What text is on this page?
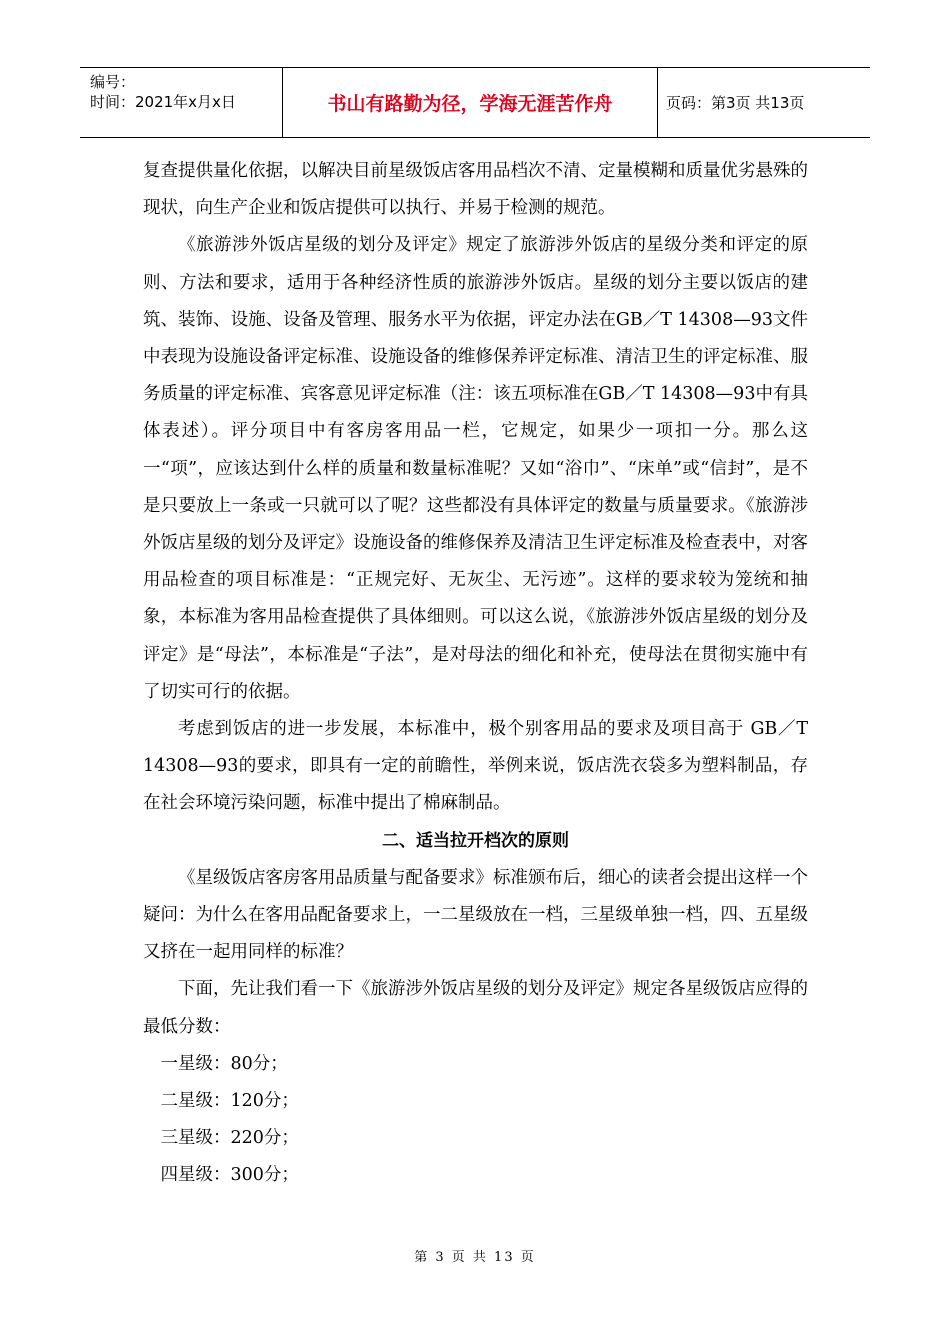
编号：
时间：2021年x月x日	书山有路勤为径，学海无涯苦作舟	页码：第3页 共13页

复查提供量化依据，以解决目前星级饭店客用品档次不清、定量模糊和质量优劣悬殊的现状，向生产企业和饭店提供可以执行、并易于检测的规范。

《旅游涉外饭店星级的划分及评定》规定了旅游涉外饭店的星级分类和评定的原则、方法和要求，适用于各种经济性质的旅游涉外饭店。星级的划分主要以饭店的建筑、装饰、设施、设备及管理、服务水平为依据，评定办法在GB／T 14308—93文件中表现为设施设备评定标准、设施设备的维修保养评定标准、清洁卫生的评定标准、服务质量的评定标准、宾客意见评定标准（注：该五项标准在GB／T 14308—93中有具体表述）。评分项目中有客房客用品一栏，它规定，如果少一项扣一分。那么这一“项”，应该达到什么样的质量和数量标准呢？又如“浴巾”、“床单”或“信封”，是不是只要放上一条或一只就可以了呢？这些都没有具体评定的数量与质量要求。《旅游涉外饭店星级的划分及评定》设施设备的维修保养及清洁卫生评定标准及检查表中，对客用品检查的项目标准是：“正规完好、无灰尘、无污迹”。这样的要求较为笼统和抽象，本标准为客用品检查提供了具体细则。可以这么说，《旅游涉外饭店星级的划分及评定》是“母法”，本标准是“子法”，是对母法的细化和补充，使母法在贯彻实施中有了切实可行的依据。

考虑到饭店的进一步发展，本标准中，极个别客用品的要求及项目高于 GB／T 14308—93的要求，即具有一定的前瞻性，举例来说，饭店洗衣袋多为塑料制品，存在社会环境污染问题，标准中提出了棉麻制品。

二、适当拉开档次的原则

《星级饭店客房客用品质量与配备要求》标准颁布后，细心的读者会提出这样一个疑问：为什么在客用品配备要求上，一二星级放在一档，三星级单独一档，四、五星级又挤在一起用同样的标准？

下面，先让我们看一下《旅游涉外饭店星级的划分及评定》规定各星级饭店应得的最低分数：

一星级：80分；

二星级：120分；

三星级：220分；

四星级：300分；

第 3 页 共 13 页
